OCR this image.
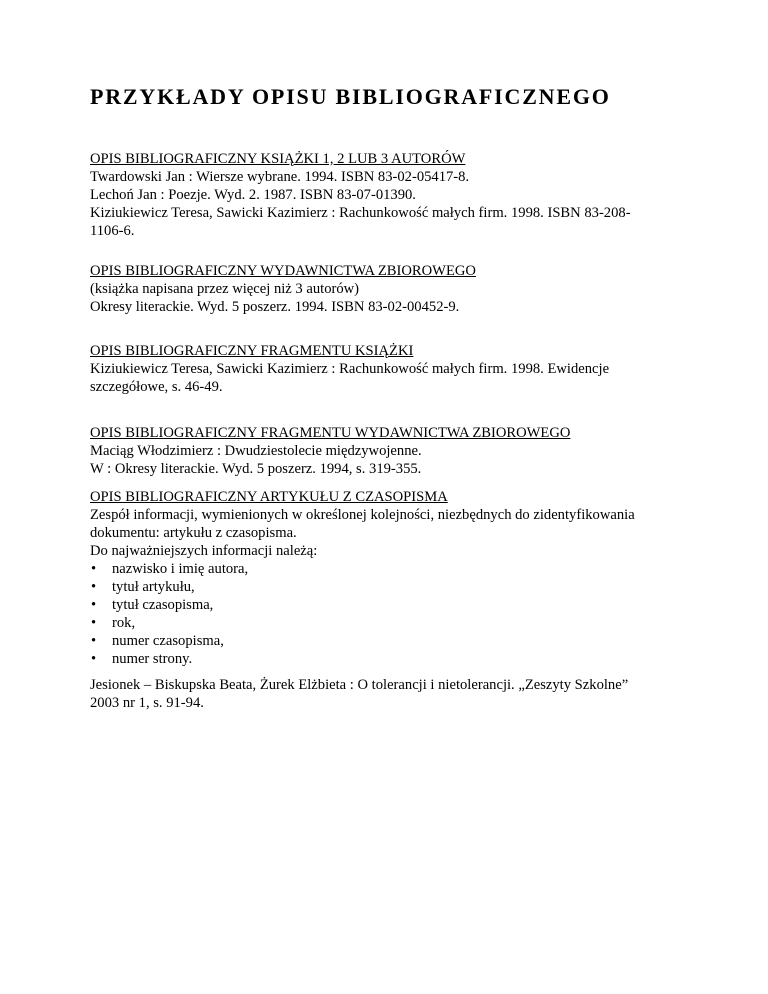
PRZYKŁADY OPISU BIBLIOGRAFICZNEGO
OPIS BIBLIOGRAFICZNY KSIĄŻKI 1, 2 LUB 3 AUTORÓW
Twardowski Jan : Wiersze wybrane. 1994. ISBN 83-02-05417-8.
Lechoń Jan : Poezje. Wyd. 2. 1987. ISBN 83-07-01390.
Kiziukiewicz Teresa, Sawicki Kazimierz : Rachunkowość małych firm. 1998. ISBN 83-208-
1106-6.
OPIS BIBLIOGRAFICZNY WYDAWNICTWA ZBIOROWEGO
(książka napisana przez więcej niż 3 autorów)
Okresy literackie. Wyd. 5 poszerz. 1994. ISBN 83-02-00452-9.
OPIS BIBLIOGRAFICZNY FRAGMENTU KSIĄŻKI
Kiziukiewicz Teresa, Sawicki Kazimierz : Rachunkowość małych firm. 1998. Ewidencje
szczegółowe, s. 46-49.
OPIS BIBLIOGRAFICZNY FRAGMENTU WYDAWNICTWA ZBIOROWEGO
Maciąg Włodzimierz : Dwudziestolecie międzywojenne.
W : Okresy literackie. Wyd. 5 poszerz. 1994, s. 319-355.
OPIS BIBLIOGRAFICZNY ARTYKUŁU Z CZASOPISMA
Zespół informacji, wymienionych w określonej kolejności, niezbędnych do zidentyfikowania
dokumentu: artykułu z czasopisma.
Do najważniejszych informacji należą:
• nazwisko i imię autora,
• tytuł artykułu,
• tytuł czasopisma,
• rok,
• numer czasopisma,
• numer strony.
Jesionek – Biskupska Beata, Żurek Elżbieta : O tolerancji i nietolerancji. „Zeszyty Szkolne”
2003 nr 1, s. 91-94.
